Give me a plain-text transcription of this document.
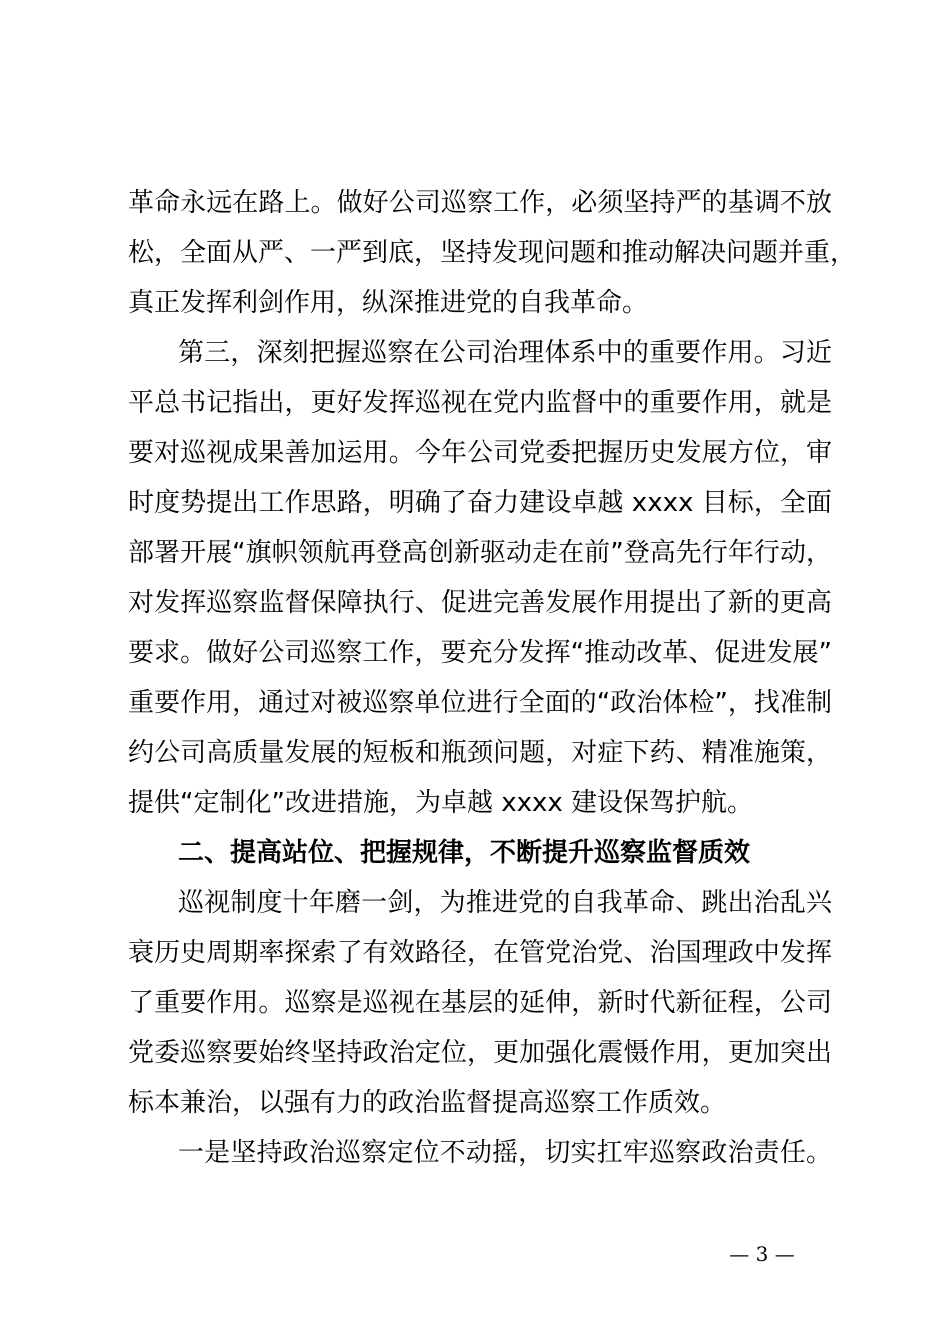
革命永远在路上。做好公司巡察工作，必须坚持严的基调不放
松，全面从严、一严到底，坚持发现问题和推动解决问题并重，
真正发挥利剑作用，纵深推进党的自我革命。
第三，深刻把握巡察在公司治理体系中的重要作用。习近
平总书记指出，更好发挥巡视在党内监督中的重要作用，就是
要对巡视成果善加运用。今年公司党委把握历史发展方位，审
时度势提出工作思路，明确了奋力建设卓越 xxxx 目标，全面
部署开展“旗帜领航再登高创新驱动走在前”登高先行年行动，
对发挥巡察监督保障执行、促进完善发展作用提出了新的更高
要求。做好公司巡察工作，要充分发挥“推动改革、促进发展”
重要作用，通过对被巡察单位进行全面的“政治体检”，找准制
约公司高质量发展的短板和瓶颈问题，对症下药、精准施策，
提供“定制化”改进措施，为卓越 xxxx 建设保驾护航。
二、提高站位、把握规律，不断提升巡察监督质效
巡视制度十年磨一剑，为推进党的自我革命、跳出治乱兴
衰历史周期率探索了有效路径，在管党治党、治国理政中发挥
了重要作用。巡察是巡视在基层的延伸，新时代新征程，公司
党委巡察要始终坚持政治定位，更加强化震慑作用，更加突出
标本兼治，以强有力的政治监督提高巡察工作质效。
一是坚持政治巡察定位不动摇，切实扛牢巡察政治责任。
— 3 —
